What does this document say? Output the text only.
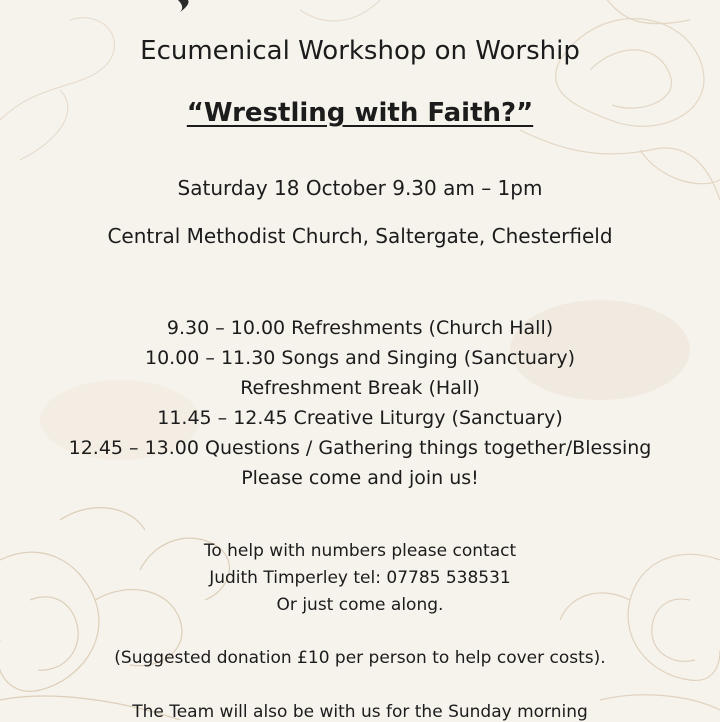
Ecumenical Workshop on Worship
“Wrestling with Faith?”
Saturday 18 October 9.30 am – 1pm
Central Methodist Church, Saltergate, Chesterfield
9.30 – 10.00 Refreshments (Church Hall)
10.00 – 11.30 Songs and Singing (Sanctuary)
Refreshment Break (Hall)
11.45 – 12.45 Creative Liturgy (Sanctuary)
12.45 – 13.00 Questions / Gathering things together/Blessing
Please come and join us!
To help with numbers please contact
Judith Timperley tel: 07785 538531
Or just come along.
(Suggested donation £10 per person to help cover costs).
The Team will also be with us for the Sunday morning
